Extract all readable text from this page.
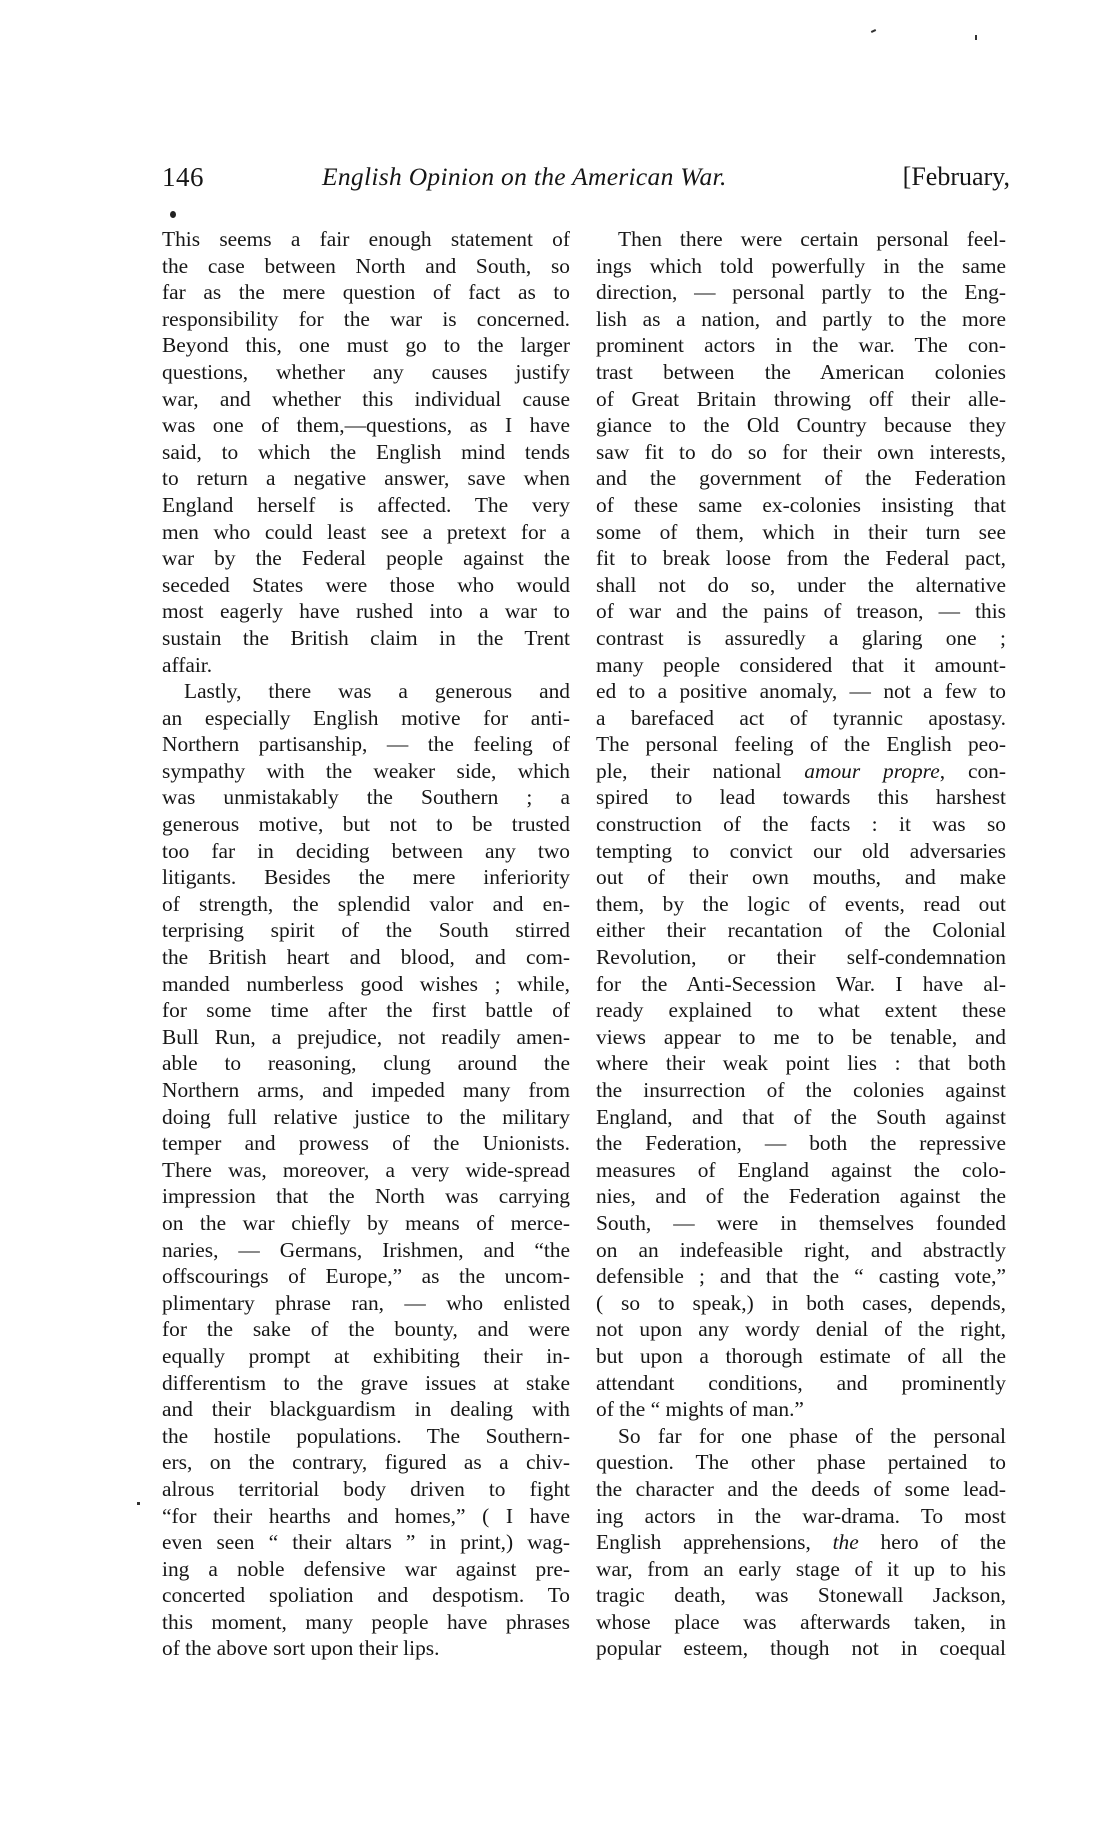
146	English Opinion on the American War.	[February,
This seems a fair enough statement of
the case between North and South, so
far as the mere question of fact as to
responsibility for the war is concerned.
Beyond this, one must go to the larger
questions, whether any causes justify
war, and whether this individual cause
was one of them,—questions, as I have
said, to which the English mind tends
to return a negative answer, save when
England herself is affected. The very
men who could least see a pretext for a
war by the Federal people against the
seceded States were those who would
most eagerly have rushed into a war to
sustain the British claim in the Trent
affair.
Lastly, there was a generous and
an especially English motive for anti-
Northern partisanship, — the feeling of
sympathy with the weaker side, which
was unmistakably the Southern ; a
generous motive, but not to be trusted
too far in deciding between any two
litigants. Besides the mere inferiority
of strength, the splendid valor and en-
terprising spirit of the South stirred
the British heart and blood, and com-
manded numberless good wishes ; while,
for some time after the first battle of
Bull Run, a prejudice, not readily amen-
able to reasoning, clung around the
Northern arms, and impeded many from
doing full relative justice to the military
temper and prowess of the Unionists.
There was, moreover, a very wide-spread
impression that the North was carrying
on the war chiefly by means of merce-
naries, — Germans, Irishmen, and “the
offscourings of Europe,” as the uncom-
plimentary phrase ran, — who enlisted
for the sake of the bounty, and were
equally prompt at exhibiting their in-
differentism to the grave issues at stake
and their blackguardism in dealing with
the hostile populations. The Southern-
ers, on the contrary, figured as a chiv-
alrous territorial body driven to fight
“for their hearths and homes,” ( I have
even seen “ their altars ” in print,) wag-
ing a noble defensive war against pre-
concerted spoliation and despotism. To
this moment, many people have phrases
of the above sort upon their lips.
Then there were certain personal feel-
ings which told powerfully in the same
direction, — personal partly to the Eng-
lish as a nation, and partly to the more
prominent actors in the war. The con-
trast between the American colonies
of Great Britain throwing off their alle-
giance to the Old Country because they
saw fit to do so for their own interests,
and the government of the Federation
of these same ex-colonies insisting that
some of them, which in their turn see
fit to break loose from the Federal pact,
shall not do so, under the alternative
of war and the pains of treason, — this
contrast is assuredly a glaring one ;
many people considered that it amount-
ed to a positive anomaly, — not a few to
a barefaced act of tyrannic apostasy.
The personal feeling of the English peo-
ple, their national amour propre, con-
spired to lead towards this harshest
construction of the facts : it was so
tempting to convict our old adversaries
out of their own mouths, and make
them, by the logic of events, read out
either their recantation of the Colonial
Revolution, or their self-condemnation
for the Anti-Secession War. I have al-
ready explained to what extent these
views appear to me to be tenable, and
where their weak point lies : that both
the insurrection of the colonies against
England, and that of the South against
the Federation, — both the repressive
measures of England against the colo-
nies, and of the Federation against the
South, — were in themselves founded
on an indefeasible right, and abstractly
defensible ; and that the “ casting vote,”
( so to speak,) in both cases, depends,
not upon any wordy denial of the right,
but upon a thorough estimate of all the
attendant conditions, and prominently
of the “ mights of man.”
So far for one phase of the personal
question. The other phase pertained to
the character and the deeds of some lead-
ing actors in the war-drama. To most
English apprehensions, the hero of the
war, from an early stage of it up to his
tragic death, was Stonewall Jackson,
whose place was afterwards taken, in
popular esteem, though not in coequal
